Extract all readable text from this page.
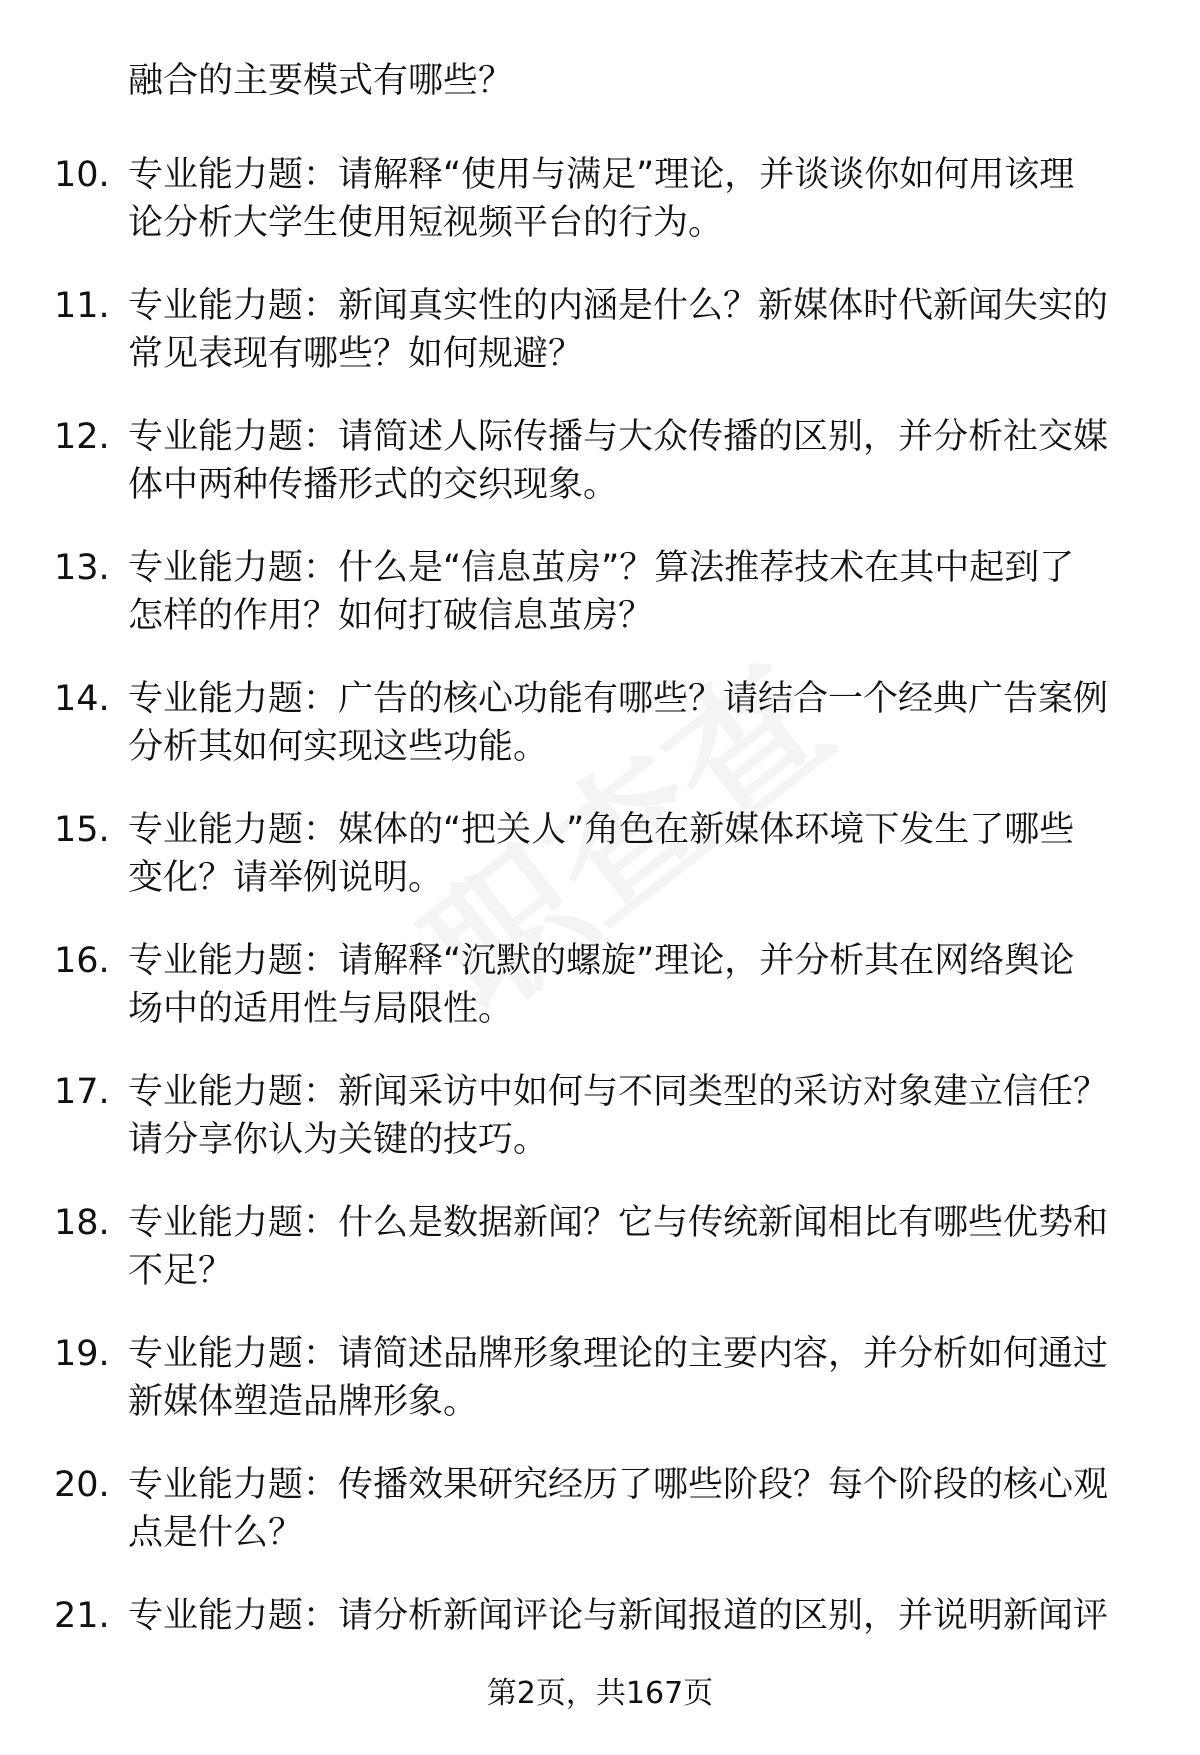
融合的主要模式有哪些？
10. 专业能力题：请解释“使用与满足”理论，并谈谈你如何用该理
论分析大学生使用短视频平台的行为。
11. 专业能力题：新闻真实性的内涵是什么？新媒体时代新闻失实的
常见表现有哪些？如何规避？
12. 专业能力题：请简述人际传播与大众传播的区别，并分析社交媒
体中两种传播形式的交织现象。
13. 专业能力题：什么是“信息茧房”？算法推荐技术在其中起到了
怎样的作用？如何打破信息茧房？
14. 专业能力题：广告的核心功能有哪些？请结合一个经典广告案例
分析其如何实现这些功能。
15. 专业能力题：媒体的“把关人”角色在新媒体环境下发生了哪些
变化？请举例说明。
16. 专业能力题：请解释“沉默的螺旋”理论，并分析其在网络舆论
场中的适用性与局限性。
17. 专业能力题：新闻采访中如何与不同类型的采访对象建立信任？
请分享你认为关键的技巧。
18. 专业能力题：什么是数据新闻？它与传统新闻相比有哪些优势和
不足？
19. 专业能力题：请简述品牌形象理论的主要内容，并分析如何通过
新媒体塑造品牌形象。
20. 专业能力题：传播效果研究经历了哪些阶段？每个阶段的核心观
点是什么？
21. 专业能力题：请分析新闻评论与新闻报道的区别，并说明新闻评
第2页，共167页
